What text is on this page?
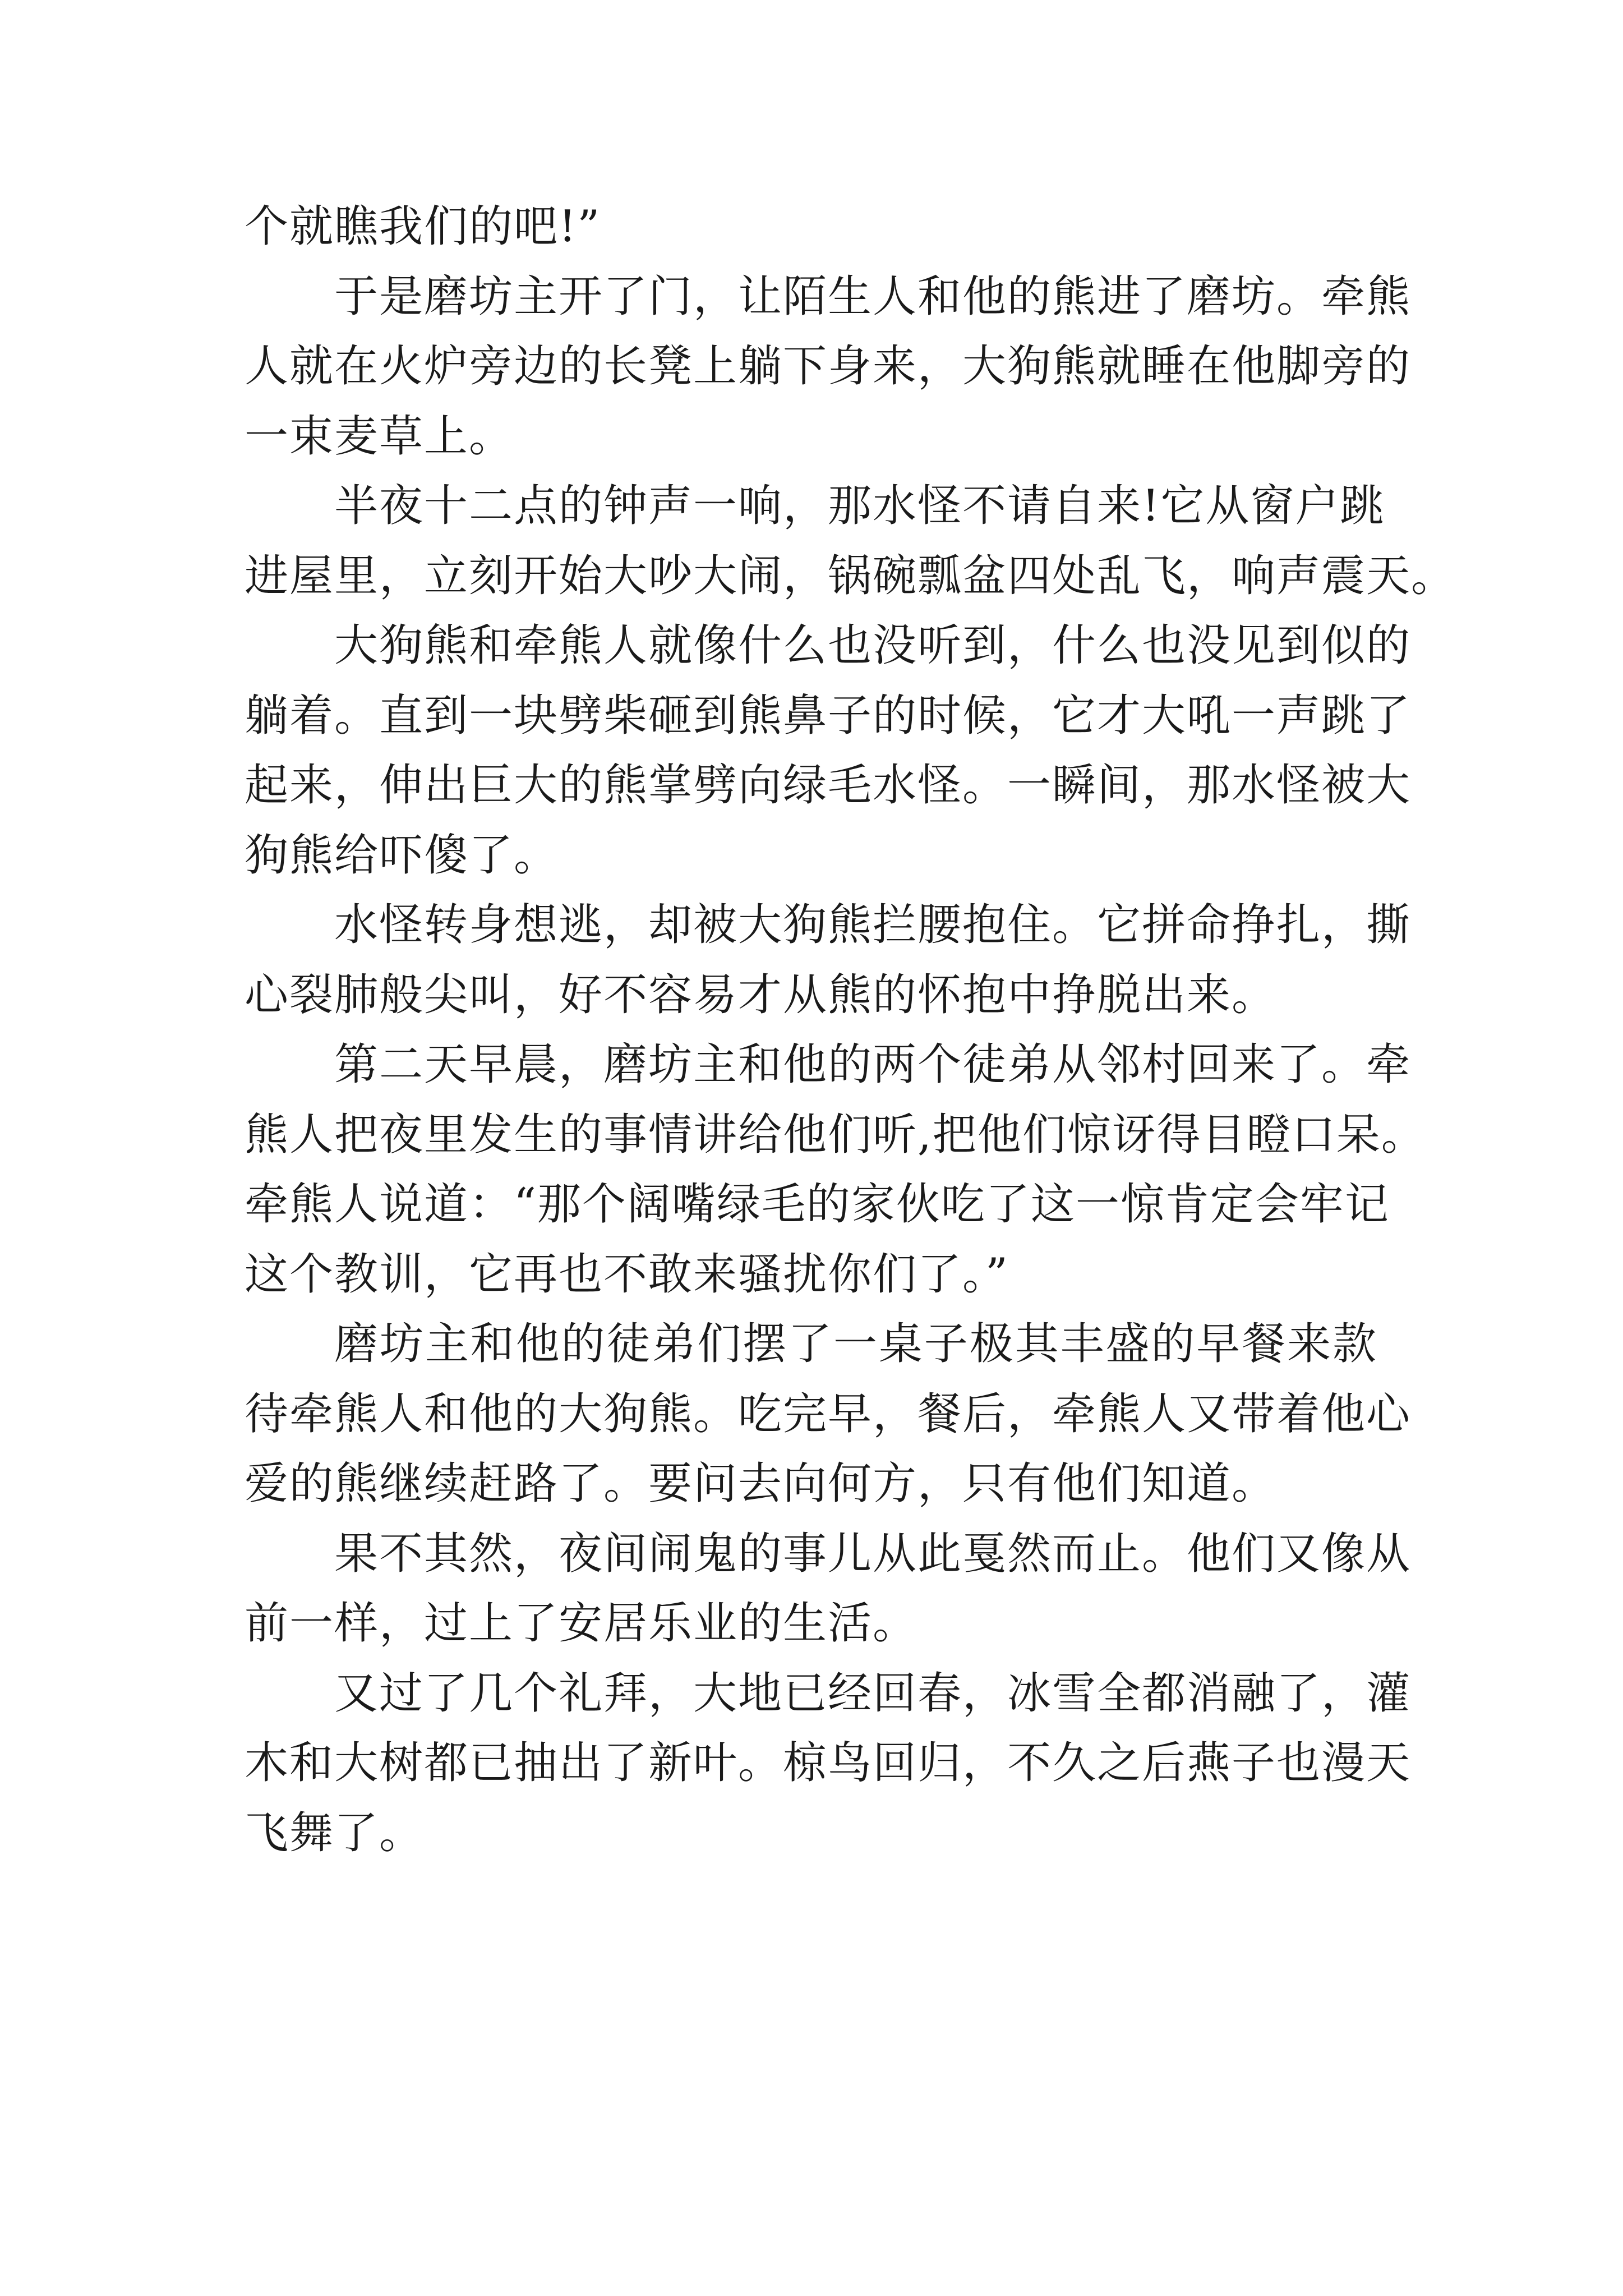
个就瞧我们的吧!”
于是磨坊主开了门，让陌生人和他的熊进了磨坊。牵熊
人就在火炉旁边的长凳上躺下身来，大狗熊就睡在他脚旁的
一束麦草上。
半夜十二点的钟声一响，那水怪不请自来!它从窗户跳
进屋里，立刻开始大吵大闹，锅碗瓢盆四处乱飞，响声震天。
大狗熊和牵熊人就像什么也没听到，什么也没见到似的
躺着。直到一块劈柴砸到熊鼻子的时候，它才大吼一声跳了
起来，伸出巨大的熊掌劈向绿毛水怪。一瞬间，那水怪被大
狗熊给吓傻了。
水怪转身想逃，却被大狗熊拦腰抱住。它拼命挣扎，撕
心裂肺般尖叫，好不容易才从熊的怀抱中挣脱出来。
第二天早晨，磨坊主和他的两个徒弟从邻村回来了。牵
熊人把夜里发生的事情讲给他们听,把他们惊讶得目瞪口呆。
牵熊人说道：“那个阔嘴绿毛的家伙吃了这一惊肯定会牢记
这个教训，它再也不敢来骚扰你们了。”
磨坊主和他的徒弟们摆了一桌子极其丰盛的早餐来款
待牵熊人和他的大狗熊。吃完早，餐后，牵熊人又带着他心
爱的熊继续赶路了。要问去向何方，只有他们知道。
果不其然，夜间闹鬼的事儿从此戛然而止。他们又像从
前一样，过上了安居乐业的生活。
又过了几个礼拜，大地已经回春，冰雪全都消融了，灌
木和大树都已抽出了新叶。椋鸟回归，不久之后燕子也漫天
飞舞了。
